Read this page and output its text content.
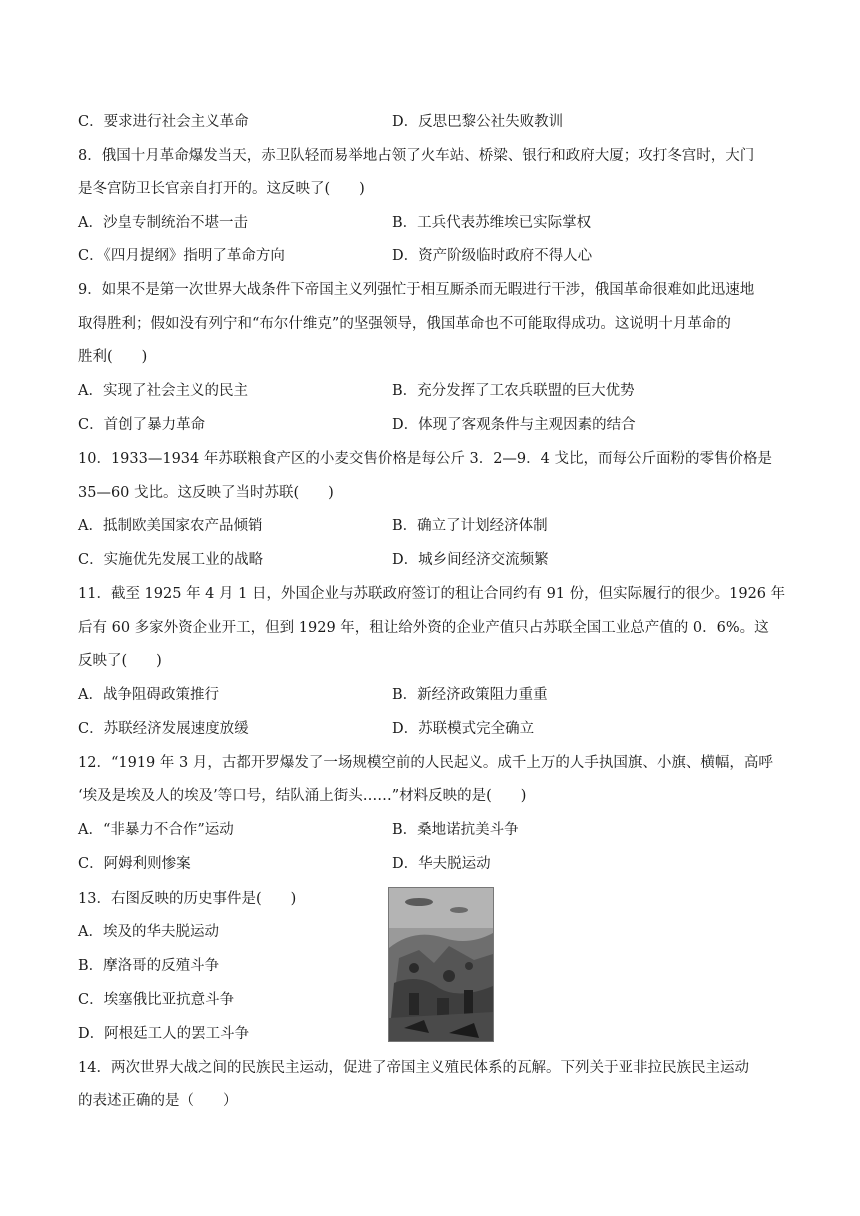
C．要求进行社会主义革命	D．反思巴黎公社失败教训
8．俄国十月革命爆发当天，赤卫队轻而易举地占领了火车站、桥梁、银行和政府大厦；攻打冬宫时，大门
是冬宫防卫长官亲自打开的。这反映了(　　)
A．沙皇专制统治不堪一击	B．工兵代表苏维埃已实际掌权
C．《四月提纲》指明了革命方向	D．资产阶级临时政府不得人心
9．如果不是第一次世界大战条件下帝国主义列强忙于相互厮杀而无暇进行干涉，俄国革命很难如此迅速地
取得胜利；假如没有列宁和“布尔什维克”的坚强领导，俄国革命也不可能取得成功。这说明十月革命的
胜利(　　)
A．实现了社会主义的民主	B．充分发挥了工农兵联盟的巨大优势
C．首创了暴力革命	D．体现了客观条件与主观因素的结合
10．1933—1934 年苏联粮食产区的小麦交售价格是每公斤 3．2—9．4 戈比，而每公斤面粉的零售价格是
35—60 戈比。这反映了当时苏联(　　)
A．抵制欧美国家农产品倾销	B．确立了计划经济体制
C．实施优先发展工业的战略	D．城乡间经济交流频繁
11．截至 1925 年 4 月 1 日，外国企业与苏联政府签订的租让合同约有 91 份，但实际履行的很少。1926 年
后有 60 多家外资企业开工，但到 1929 年，租让给外资的企业产值只占苏联全国工业总产值的 0．6%。这
反映了(　　)
A．战争阻碍政策推行	B．新经济政策阻力重重
C．苏联经济发展速度放缓	D．苏联模式完全确立
12．“1919 年 3 月，古都开罗爆发了一场规模空前的人民起义。成千上万的人手执国旗、小旗、横幅，高呼
‘埃及是埃及人的埃及’等口号，结队涌上街头……”材料反映的是(　　)
A．“非暴力不合作”运动	B．桑地诺抗美斗争
C．阿姆利则惨案	D．华夫脱运动
13．右图反映的历史事件是(　　)
A．埃及的华夫脱运动
B．摩洛哥的反殖斗争
C．埃塞俄比亚抗意斗争
D．阿根廷工人的罢工斗争
14．两次世界大战之间的民族民主运动，促进了帝国主义殖民体系的瓦解。下列关于亚非拉民族民主运动
的表述正确的是（　　）
